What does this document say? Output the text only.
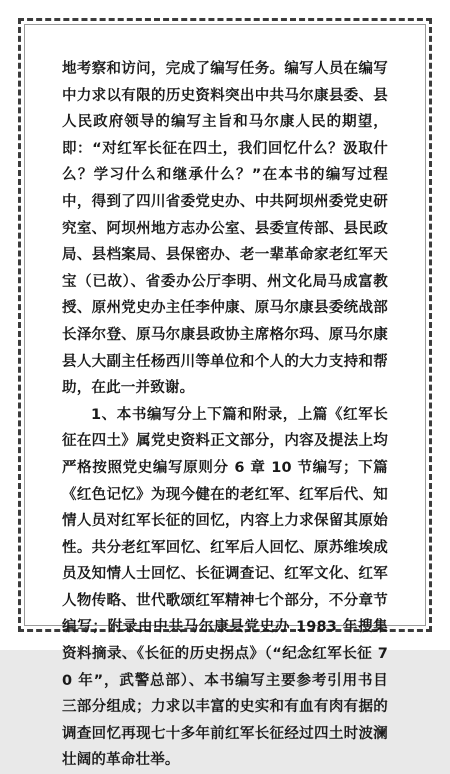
地考察和访问，完成了编写任务。编写人员在编写中力求以有限的历史资料突出中共马尔康县委、县人民政府领导的编写主旨和马尔康人民的期望，即：“对红军长征在四土，我们回忆什么？汲取什么？学习什么和继承什么？”在本书的编写过程中，得到了四川省委党史办、中共阿坝州委党史研究室、阿坝州地方志办公室、县委宣传部、县民政局、县档案局、县保密办、老一辈革命家老红军天宝（已故）、省委办公厅李明、州文化局马成富教授、原州党史办主任李仲康、原马尔康县委统战部长泽尔登、原马尔康县政协主席格尔玛、原马尔康县人大副主任杨西川等单位和个人的大力支持和帮助，在此一并致谢。

1、本书编写分上下篇和附录，上篇《红军长征在四土》属党史资料正文部分，内容及提法上均严格按照党史编写原则分 6 章 10 节编写；下篇《红色记忆》为现今健在的老红军、红军后代、知情人员对红军长征的回忆，内容上力求保留其原始性。共分老红军回忆、红军后人回忆、原苏维埃成员及知情人士回忆、长征调查记、红军文化、红军人物传略、世代歌颂红军精神七个部分，不分章节编写；附录由中共马尔康县党史办 1983 年搜集资料摘录、《长征的历史拐点》（“纪念红军长征 70 年”，武警总部）、本书编写主要参考引用书目三部分组成；力求以丰富的史实和有血有肉有据的调查回忆再现七十多年前红军长征经过四土时波澜壮阔的革命壮举。
